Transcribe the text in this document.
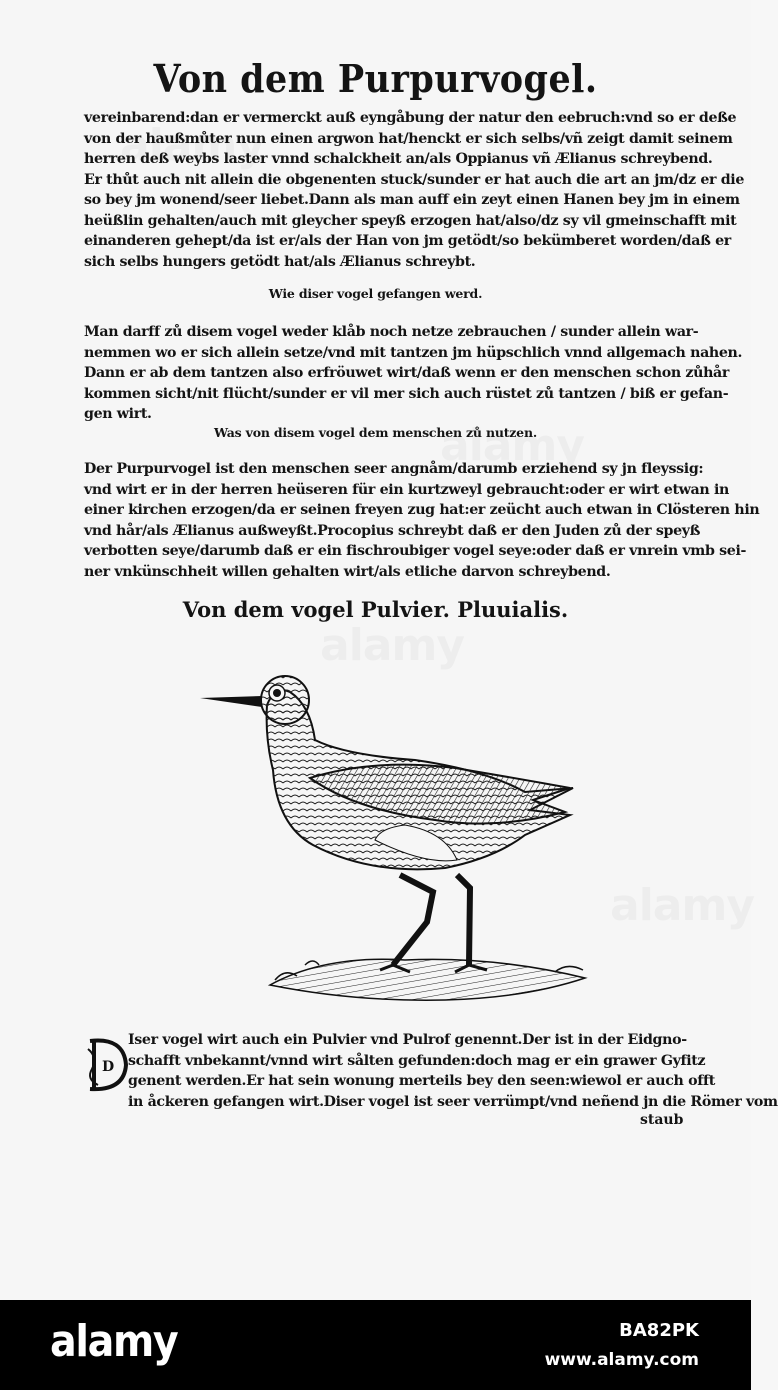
Von dem Purpurvogel.
vereinbarend:dan er vermerckt auß eyngåbung der natur den eebruch:vnd so er deße
von der haußmůter nun einen argwon hat/henckt er sich selbs/vñ zeigt damit seinem
herren deß weybs laster vnnd schalckheit an/als Oppianus vñ Ælianus schreybend.
Er thůt auch nit allein die obgenenten stuck/sunder er hat auch die art an jm/dz er die
so bey jm wonend/seer liebet.Dann als man auff ein zeyt einen Hanen bey jm in einem
heüßlin gehalten/auch mit gleycher speyß erzogen hat/also/dz sy vil gmeinschafft mit
einanderen gehept/da ist er/als der Han von jm getödt/so bekümberet worden/daß er
sich selbs hungers getödt hat/als Ælianus schreybt.
Wie diser vogel gefangen werd.
Man darff zů disem vogel weder klåb noch netze zebrauchen / sunder allein war-
nemmen wo er sich allein setze/vnd mit tantzen jm hüpschlich vnnd allgemach nahen.
Dann er ab dem tantzen also erfröuwet wirt/daß wenn er den menschen schon zůhår
kommen sicht/nit flücht/sunder er vil mer sich auch rüstet zů tantzen / biß er gefan-
gen wirt.
Was von disem vogel dem menschen zů nutzen.
Der Purpurvogel ist den menschen seer angnåm/darumb erziehend sy jn fleyssig:
vnd wirt er in der herren heüseren für ein kurtzweyl gebraucht:oder er wirt etwan in
einer kirchen erzogen/da er seinen freyen zug hat:er zeücht auch etwan in Clösteren hin
vnd hår/als Ælianus außweyßt.Procopius schreybt daß er den Juden zů der speyß
verbotten seye/darumb daß er ein fischroubiger vogel seye:oder daß er vnrein vmb sei-
ner vnkünschheit willen gehalten wirt/als etliche darvon schreybend.
Von dem vogel Pulvier. Pluuialis.
D
Iser vogel wirt auch ein Pulvier vnd Pulrof genennt.Der ist in der Eidgno-
schafft vnbekannt/vnnd wirt sålten gefunden:doch mag er ein grawer Gyfitz
genent werden.Er hat sein wonung merteils bey den seen:wiewol er auch offt
in åckeren gefangen wirt.Diser vogel ist seer verrümpt/vnd neñend jn die Römer vom
staub
alamy	BA82PK
www.alamy.com
